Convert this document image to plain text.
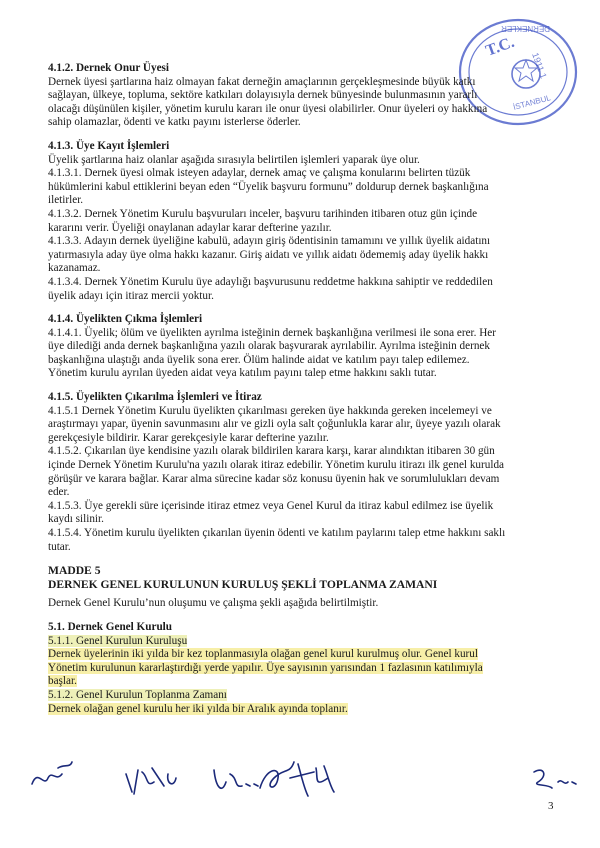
T.C.
1911 1
DERNEKLER
İSTANBUL

4.1.2. Dernek Onur Üyesi

Dernek üyesi şartlarına haiz olmayan fakat derneğin amaçlarının gerçekleşmesinde büyük katkı

sağlayan, ülkeye, topluma, sektöre katkıları dolayısıyla dernek bünyesinde bulunmasının yararlı

olacağı düşünülen kişiler, yönetim kurulu kararı ile onur üyesi olabilirler. Onur üyeleri oy hakkına

sahip olamazlar, ödenti ve katkı payını isterlerse öderler.

4.1.3. Üye Kayıt İşlemleri

Üyelik şartlarına haiz olanlar aşağıda sırasıyla belirtilen işlemleri yaparak üye olur.

4.1.3.1. Dernek üyesi olmak isteyen adaylar, dernek amaç ve çalışma konularını belirten tüzük

hükümlerini kabul ettiklerini beyan eden “Üyelik başvuru formunu” doldurup dernek başkanlığına

iletirler.

4.1.3.2. Dernek Yönetim Kurulu başvuruları inceler, başvuru tarihinden itibaren otuz gün içinde

kararını verir. Üyeliği onaylanan adaylar karar defterine yazılır.

4.1.3.3. Adayın dernek üyeliğine kabulü, adayın giriş ödentisinin tamamını ve yıllık üyelik aidatını

yatırmasıyla aday üye olma hakkı kazanır. Giriş aidatı ve yıllık aidatı ödememiş aday üyelik hakkı

kazanamaz.

4.1.3.4. Dernek Yönetim Kurulu üye adaylığı başvurusunu reddetme hakkına sahiptir ve reddedilen

üyelik adayı için itiraz mercii yoktur.

4.1.4. Üyelikten Çıkma İşlemleri

4.1.4.1. Üyelik; ölüm ve üyelikten ayrılma isteğinin dernek başkanlığına verilmesi ile sona erer. Her

üye dilediği anda dernek başkanlığına yazılı olarak başvurarak ayrılabilir. Ayrılma isteğinin dernek

başkanlığına ulaştığı anda üyelik sona erer. Ölüm halinde aidat ve katılım payı talep edilemez.

Yönetim kurulu ayrılan üyeden aidat veya katılım payını talep etme hakkını saklı tutar.

4.1.5. Üyelikten Çıkarılma İşlemleri ve İtiraz

4.1.5.1 Dernek Yönetim Kurulu üyelikten çıkarılması gereken üye hakkında gereken incelemeyi ve

araştırmayı yapar, üyenin savunmasını alır ve gizli oyla salt çoğunlukla karar alır, üyeye yazılı olarak

gerekçesiyle bildirir. Karar gerekçesiyle karar defterine yazılır.

4.1.5.2. Çıkarılan üye kendisine yazılı olarak bildirilen karara karşı, karar alındıktan itibaren 30 gün

içinde Dernek Yönetim Kurulu'na yazılı olarak itiraz edebilir. Yönetim kurulu itirazı ilk genel kurulda

görüşür ve karara bağlar. Karar alma sürecine kadar söz konusu üyenin hak ve sorumlulukları devam

eder.

4.1.5.3. Üye gerekli süre içerisinde itiraz etmez veya Genel Kurul da itiraz kabul edilmez ise üyelik

kaydı silinir.

4.1.5.4. Yönetim kurulu üyelikten çıkarılan üyenin ödenti ve katılım paylarını talep etme hakkını saklı

tutar.

MADDE 5

DERNEK GENEL KURULUNUN KURULUŞ ŞEKLİ TOPLANMA ZAMANI

Dernek Genel Kurulu’nun oluşumu ve çalışma şekli aşağıda belirtilmiştir.

5.1. Dernek Genel Kurulu

5.1.1. Genel Kurulun Kuruluşu

Dernek üyelerinin iki yılda bir kez toplanmasıyla olağan genel kurul kurulmuş olur. Genel kurul

Yönetim kurulunun kararlaştırdığı yerde yapılır. Üye sayısının yarısından 1 fazlasının katılımıyla

başlar.

5.1.2. Genel Kurulun Toplanma Zamanı

Dernek olağan genel kurulu her iki yılda bir Aralık ayında toplanır.

3
